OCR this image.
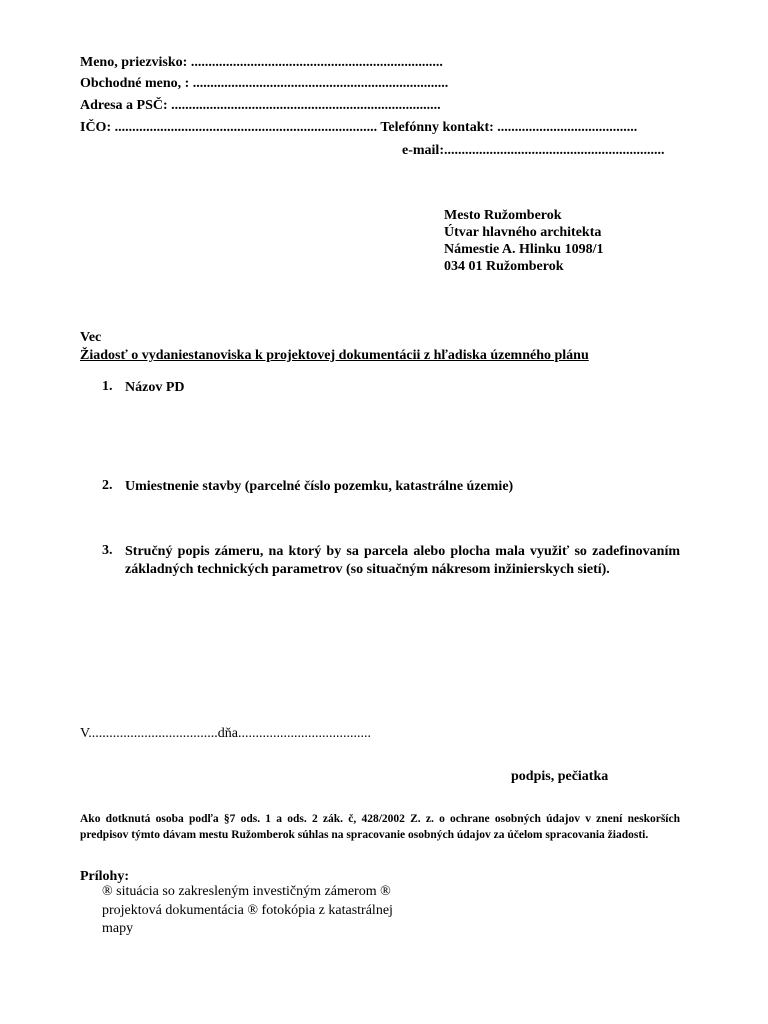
Meno, priezvisko: ........................................................................
Obchodné meno, : .........................................................................
Adresa a PSČ: .............................................................................
IČO: ........................................................................... Telefónny kontakt: ........................................
e-mail:...............................................................
Mesto Ružomberok
Útvar hlavného architekta
Námestie A. Hlinku 1098/1
034 01 Ružomberok
Vec
Žiadosť o vydaniestanoviska k projektovej dokumentácii z hľadiska územného plánu
1. Názov PD
2. Umiestnenie stavby (parcelné číslo pozemku, katastrálne územie)
3. Stručný popis zámeru, na ktorý by sa parcela alebo plocha mala využiť so zadefinovaním základných technických parametrov (so situačným nákresom inžinierskych sietí).
V.....................................dňa......................................
podpis, pečiatka
Ako dotknutá osoba podľa §7 ods. 1 a ods. 2 zák. č, 428/2002 Z. z. o ochrane osobných údajov v znení neskorších predpisov týmto dávam mestu Ružomberok súhlas na spracovanie osobných údajov za účelom spracovania žiadosti.
Prílohy:
® situácia so zakresleným investičným zámerom ® projektová dokumentácia ® fotokópia z katastrálnej mapy
